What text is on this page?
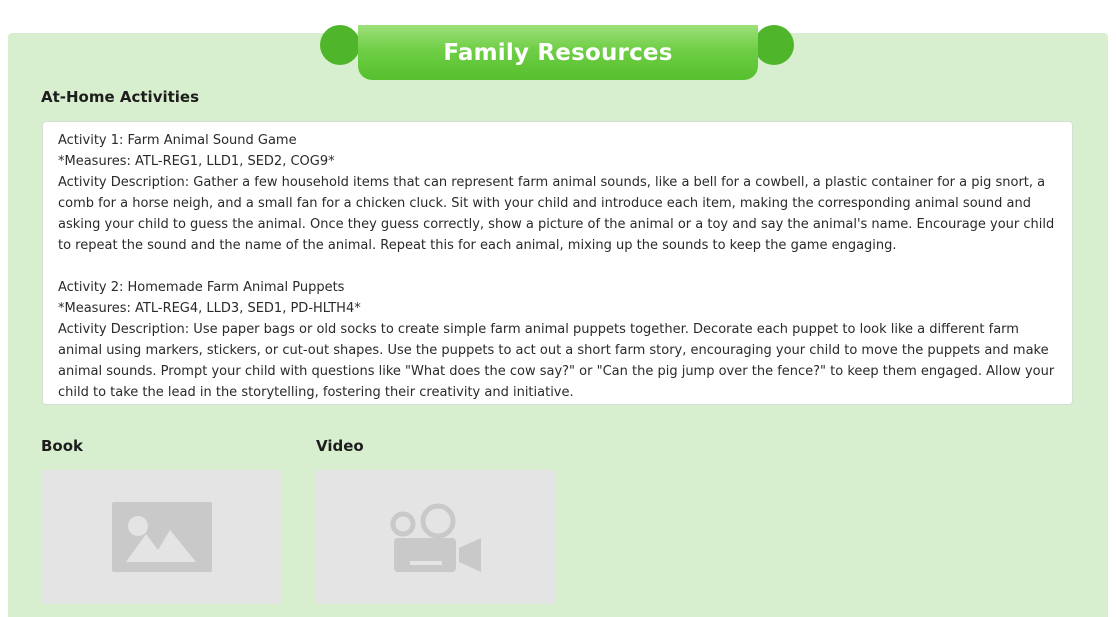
Family Resources
At-Home Activities

Activity 1: Farm Animal Sound Game

*Measures: ATL-REG1, LLD1, SED2, COG9*

Activity Description: Gather a few household items that can represent farm animal sounds, like a bell for a cowbell, a plastic container for a pig snort, a comb for a horse neigh, and a small fan for a chicken cluck. Sit with your child and introduce each item, making the corresponding animal sound and asking your child to guess the animal. Once they guess correctly, show a picture of the animal or a toy and say the animal's name. Encourage your child to repeat the sound and the name of the animal. Repeat this for each animal, mixing up the sounds to keep the game engaging.

Activity 2: Homemade Farm Animal Puppets

*Measures: ATL-REG4, LLD3, SED1, PD-HLTH4*

Activity Description: Use paper bags or old socks to create simple farm animal puppets together. Decorate each puppet to look like a different farm animal using markers, stickers, or cut-out shapes. Use the puppets to act out a short farm story, encouraging your child to move the puppets and make animal sounds. Prompt your child with questions like "What does the cow say?" or "Can the pig jump over the fence?" to keep them engaged. Allow your child to take the lead in the storytelling, fostering their creativity and initiative.

Book	Video
